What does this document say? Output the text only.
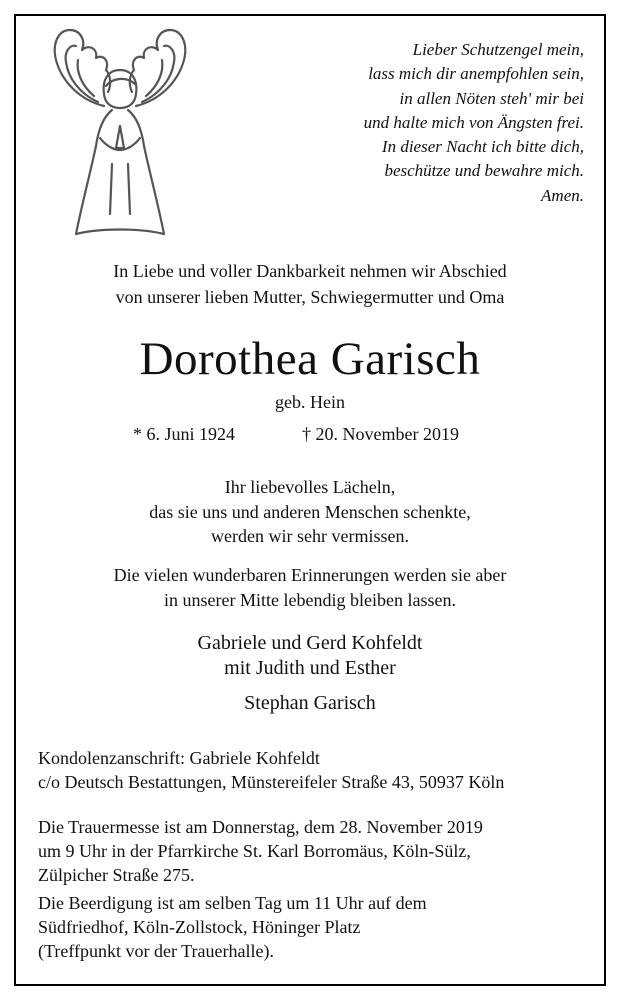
Lieber Schutzengel mein,
lass mich dir anempfohlen sein,
in allen Nöten steh' mir bei
und halte mich von Ängsten frei.
In dieser Nacht ich bitte dich,
beschütze und bewahre mich.
Amen.
In Liebe und voller Dankbarkeit nehmen wir Abschied
von unserer lieben Mutter, Schwiegermutter und Oma
Dorothea Garisch
geb. Hein
* 6. Juni 1924	† 20. November 2019
Ihr liebevolles Lächeln,
das sie uns und anderen Menschen schenkte,
werden wir sehr vermissen.
Die vielen wunderbaren Erinnerungen werden sie aber
in unserer Mitte lebendig bleiben lassen.
Gabriele und Gerd Kohfeldt
mit Judith und Esther
Stephan Garisch
Kondolenzanschrift: Gabriele Kohfeldt
c/o Deutsch Bestattungen, Münstereifeler Straße 43, 50937 Köln
Die Trauermesse ist am Donnerstag, dem 28. November 2019
um 9 Uhr in der Pfarrkirche St. Karl Borromäus, Köln-Sülz,
Zülpicher Straße 275.
Die Beerdigung ist am selben Tag um 11 Uhr auf dem
Südfriedhof, Köln-Zollstock, Höninger Platz
(Treffpunkt vor der Trauerhalle).
